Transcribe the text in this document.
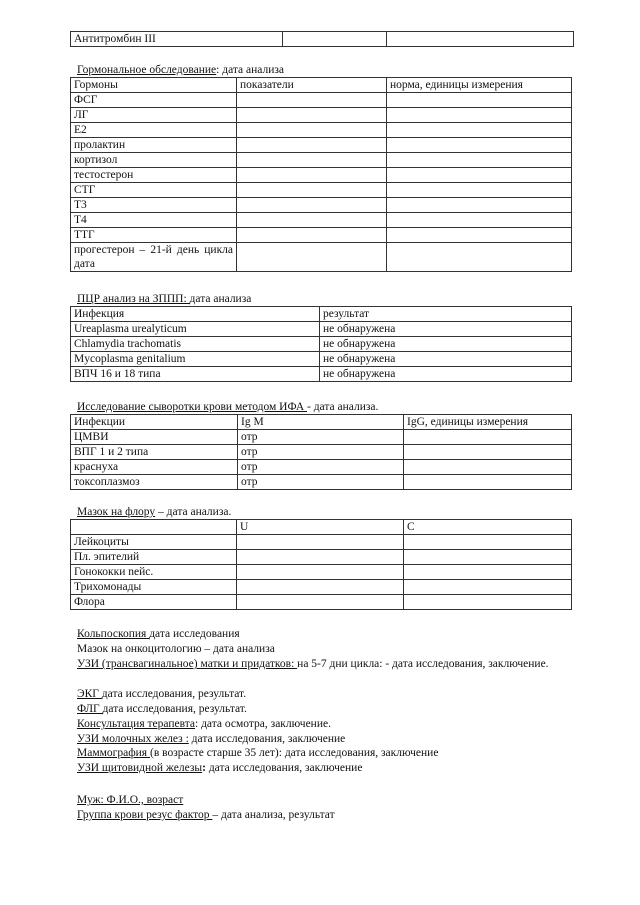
Антитромбин III		
Гормональное обследование: дата анализа
Гормоны	показатели	норма, единицы измерения
ФСГ		
ЛГ		
Е2		
пролактин		
кортизол		
тестостерон		
СТГ		
Т3		
Т4		
ТТГ		
прогестерон – 21-й день цикла дата		
ПЦР анализ на ЗППП: дата анализа
Инфекция	результат
Ureaplasma urealyticum	не обнаружена
Chlamydia trachomatis	не обнаружена
Mycoplasma genitalium	не обнаружена
ВПЧ 16 и 18 типа	не обнаружена
Исследование сыворотки крови методом ИФА - дата анализа.
Инфекции	Ig M	IgG, единицы измерения
ЦМВИ	отр	
ВПГ 1 и 2 типа	отр	
краснуха	отр	
токсоплазмоз	отр	
Мазок на флору – дата анализа.
	U	C
Лейкоциты		
Пл. эпителий		
Гонококки neйс.		
Трихомонады		
Флора		
Кольпоскопия дата исследования
Мазок на онкоцитологию – дата анализа
УЗИ (трансвагинальное) матки и придатков: на 5-7 дни цикла: - дата исследования, заключение.
ЭКГ дата исследования, результат.
ФЛГ дата исследования, результат.
Консультация терапевта: дата осмотра, заключение.
УЗИ молочных желез : дата исследования, заключение
Маммография (в возрасте старше 35 лет): дата исследования, заключение
УЗИ щитовидной железы: дата исследования, заключение
Муж: Ф.И.О., возраст
Группа крови резус фактор – дата анализа, результат
